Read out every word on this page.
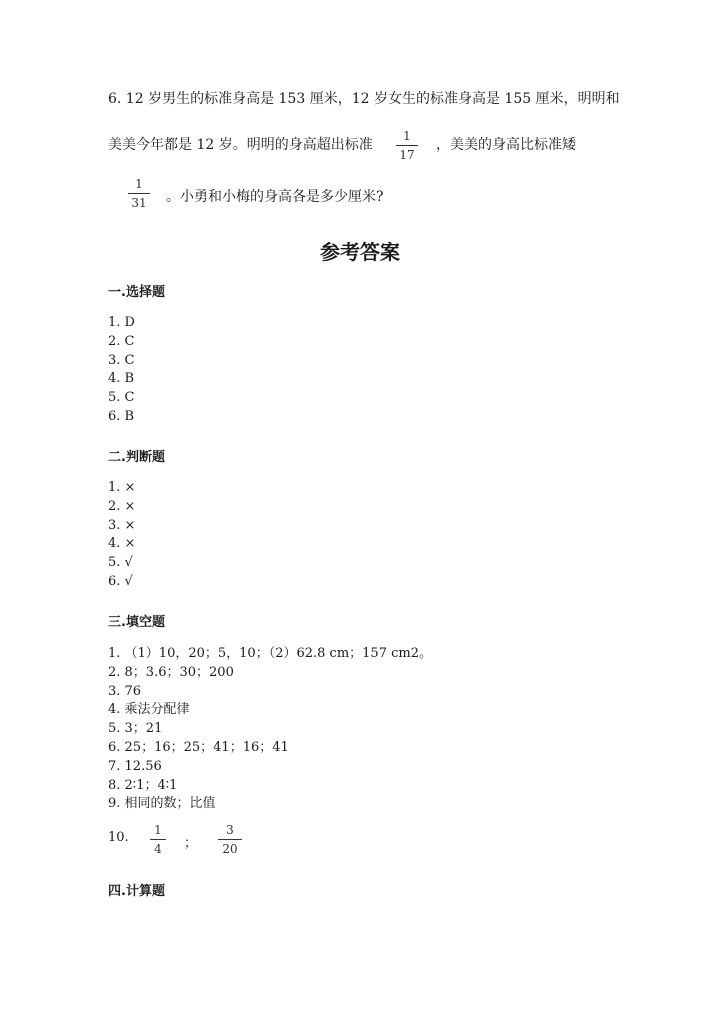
6. 12 岁男生的标准身高是 153 厘米，12 岁女生的标准身高是 155 厘米，明明和
美美今年都是 12 岁。明明的身高超出标准
1
17
，美美的身高比标准矮
1
31 。小勇和小梅的身高各是多少厘米?
参考答案
一.选择题
1. D
2. C
3. C
4. B
5. C
6. B
二.判断题
1. ×
2. ×
3. ×
4. ×
5. √
6. √
三.填空题
1. （1）10，20；5，10；（2）62.8 cm；157 cm2。
2. 8；3.6；30；200
3. 76
4. 乘法分配律
5. 3；21
6. 25；16；25；41；16；41
7. 12.56
8. 2∶1；4∶1
9. 相同的数；比值
10.	1
4	；
3
20
四.计算题
